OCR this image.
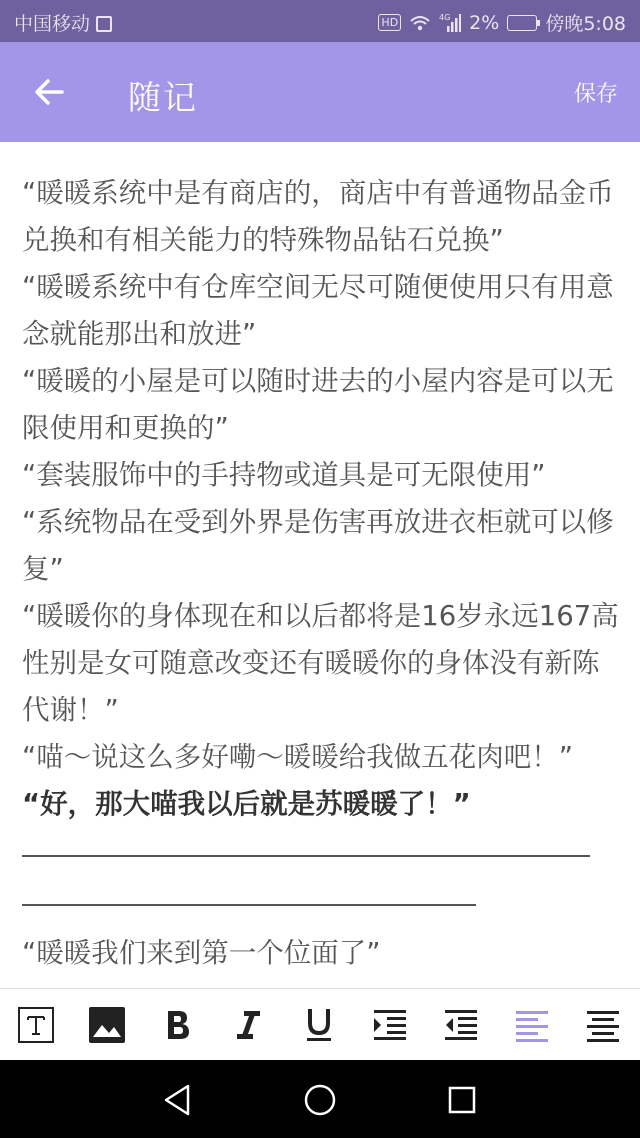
中国移动	HD	4G 2% 傍晚5:08
随记	保存

“暖暖系统中是有商店的，商店中有普通物品金币兑换和有相关能力的特殊物品钻石兑换”

“暖暖系统中有仓库空间无尽可随便使用只有用意念就能那出和放进”

“暖暖的小屋是可以随时进去的小屋内容是可以无限使用和更换的”

“套装服饰中的手持物或道具是可无限使用”

“系统物品在受到外界是伤害再放进衣柜就可以修复”

“暖暖你的身体现在和以后都将是16岁永远167高性别是女可随意改变还有暖暖你的身体没有新陈代谢！”

“喵～说这么多好嘞～暖暖给我做五花肉吧！”

“好，那大喵我以后就是苏暖暖了！”

“暖暖我们来到第一个位面了”
